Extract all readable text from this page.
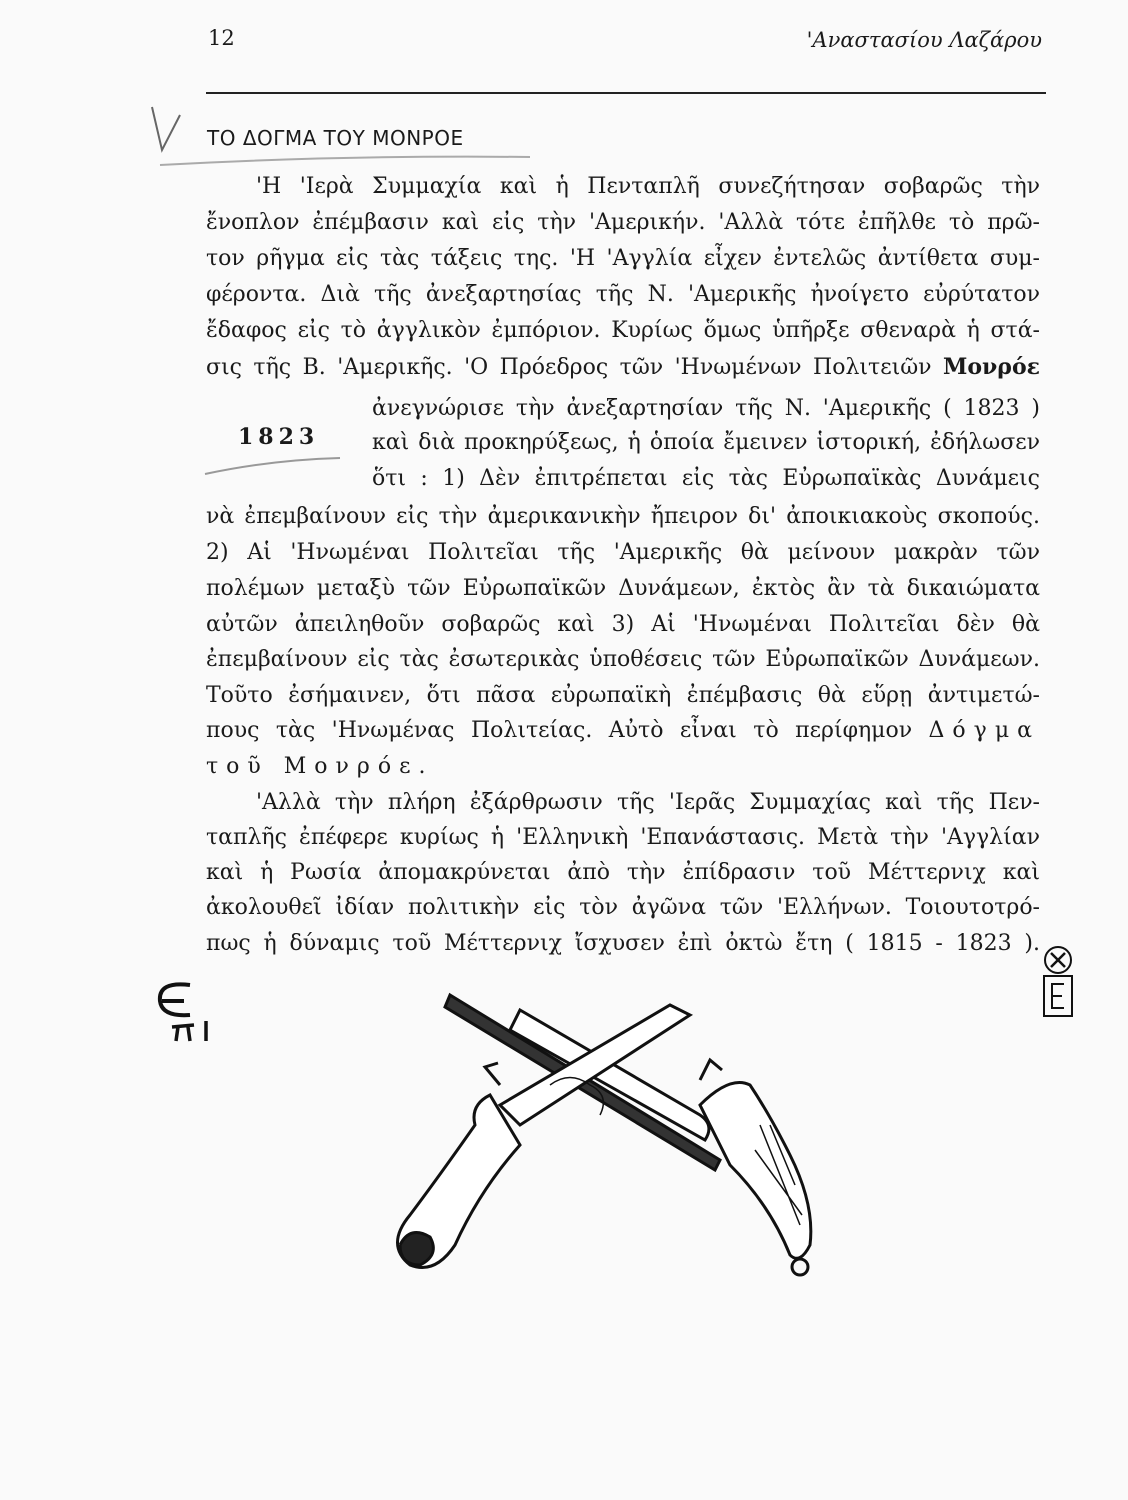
12	'Αναστασίου Λαζάρου
ΤΟ ΔΟΓΜΑ ΤΟΥ ΜΟΝΡΟΕ
'Η 'Ιερὰ Συμμαχία καὶ ἡ Πενταπλῆ συνεζήτησαν σοβαρῶς τὴν
ἔνοπλον ἐπέμβασιν καὶ εἰς τὴν 'Αμερικήν. 'Αλλὰ τότε ἐπῆλθε τὸ πρῶ-
τον ρῆγμα εἰς τὰς τάξεις της. 'Η 'Αγγλία εἶχεν ἐντελῶς ἀντίθετα συμ-
φέροντα. Διὰ τῆς ἀνεξαρτησίας τῆς Ν. 'Αμερικῆς ἠνοίγετο εὐρύτατον
ἔδαφος εἰς τὸ ἀγγλικὸν ἐμπόριον. Κυρίως ὅμως ὑπῆρξε σθεναρὰ ἡ στά-
σις τῆς Β. 'Αμερικῆς. 'Ο Πρόεδρος τῶν 'Ηνωμένων Πολιτειῶν Μονρόε
ἀνεγνώρισε τὴν ἀνεξαρτησίαν τῆς Ν. 'Αμερικῆς ( 1823 )
1823 καὶ διὰ προκηρύξεως, ἡ ὁποία ἔμεινεν ἱστορική, ἐδήλωσεν
ὅτι : 1) Δὲν ἐπιτρέπεται εἰς τὰς Εὐρωπαϊκὰς Δυνάμεις
νὰ ἐπεμβαίνουν εἰς τὴν ἀμερικανικὴν ἤπειρον δι' ἀποικιακοὺς σκοπούς.
2) Αἱ 'Ηνωμέναι Πολιτεῖαι τῆς 'Αμερικῆς θὰ μείνουν μακρὰν τῶν
πολέμων μεταξὺ τῶν Εὐρωπαϊκῶν Δυνάμεων, ἐκτὸς ἂν τὰ δικαιώματα
αὐτῶν ἀπειληθοῦν σοβαρῶς καὶ 3) Αἱ 'Ηνωμέναι Πολιτεῖαι δὲν θὰ
ἐπεμβαίνουν εἰς τὰς ἐσωτερικὰς ὑποθέσεις τῶν Εὐρωπαϊκῶν Δυνάμεων.
Τοῦτο ἐσήμαινεν, ὅτι πᾶσα εὐρωπαϊκὴ ἐπέμβασις θὰ εὕρῃ ἀντιμετώ-
πους τὰς 'Ηνωμένας Πολιτείας. Αὐτὸ εἶναι τὸ περίφημον Δόγμα
τοῦ Μονρόε.
'Αλλὰ τὴν πλήρη ἐξάρθρωσιν τῆς 'Ιερᾶς Συμμαχίας καὶ τῆς Πεν-
ταπλῆς ἐπέφερε κυρίως ἡ 'Ελληνικὴ 'Επανάστασις. Μετὰ τὴν 'Αγγλίαν
καὶ ἡ Ρωσία ἀπομακρύνεται ἀπὸ τὴν ἐπίδρασιν τοῦ Μέττερνιχ καὶ
ἀκολουθεῖ ἰδίαν πολιτικὴν εἰς τὸν ἀγῶνα τῶν 'Ελλήνων. Τοιουτοτρό-
πως ἡ δύναμις τοῦ Μέττερνιχ ἴσχυσεν ἐπὶ ὀκτὼ ἔτη ( 1815 - 1823 ).
